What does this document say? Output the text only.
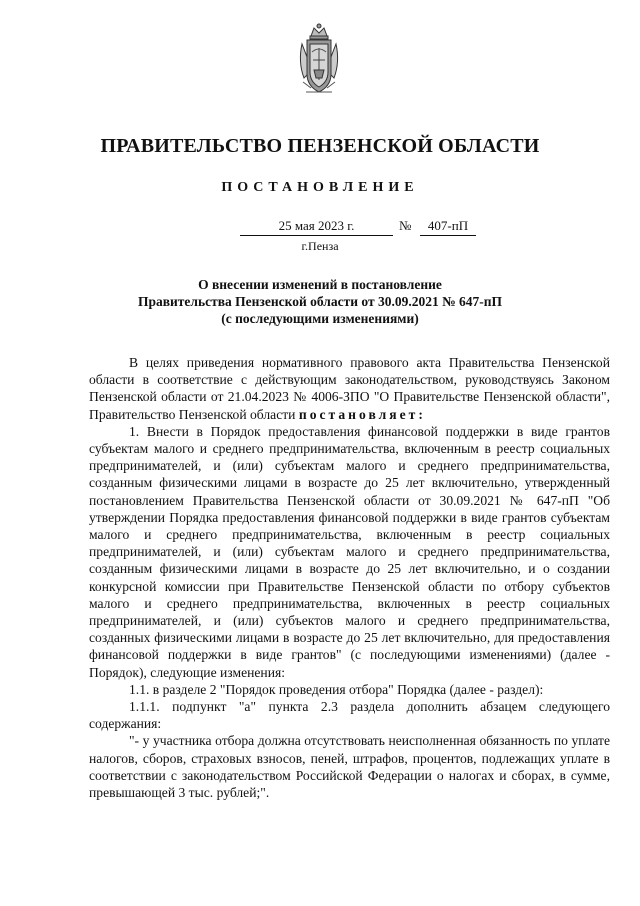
ПРАВИТЕЛЬСТВО ПЕНЗЕНСКОЙ ОБЛАСТИ
ПОСТАНОВЛЕНИЕ
25 мая 2023 г.	№	407-пП
г.Пенза
О внесении изменений в постановление
Правительства Пензенской области от 30.09.2021 № 647-пП
(с последующими изменениями)

В целях приведения нормативного правового акта Правительства Пензенской области в соответствие с действующим законодательством, руководствуясь Законом Пензенской области от 21.04.2023 № 4006-ЗПО "О Правительстве Пензенской области", Правительство Пензенской области постановляет:

1. Внести в Порядок предоставления финансовой поддержки в виде грантов субъектам малого и среднего предпринимательства, включенным в реестр социальных предпринимателей, и (или) субъектам малого и среднего предпринимательства, созданным физическими лицами в возрасте до 25 лет включительно, утвержденный постановлением Правительства Пензенской области от 30.09.2021 № 647-пП "Об утверждении Порядка предоставления финансовой поддержки в виде грантов субъектам малого и среднего предпринимательства, включенным в реестр социальных предпринимателей, и (или) субъектам малого и среднего предпринимательства, созданным физическими лицами в возрасте до 25 лет включительно, и о создании конкурсной комиссии при Правительстве Пензенской области по отбору субъектов малого и среднего предпринимательства, включенных в реестр социальных предпринимателей, и (или) субъектов малого и среднего предпринимательства, созданных физическими лицами в возрасте до 25 лет включительно, для предоставления финансовой поддержки в виде грантов" (с последующими изменениями) (далее - Порядок), следующие изменения:

1.1. в разделе 2 "Порядок проведения отбора" Порядка (далее - раздел):

1.1.1. подпункт "а" пункта 2.3 раздела дополнить абзацем следующего содержания:

"- у участника отбора должна отсутствовать неисполненная обязанность по уплате налогов, сборов, страховых взносов, пеней, штрафов, процентов, подлежащих уплате в соответствии с законодательством Российской Федерации о налогах и сборах, в сумме, превышающей 3 тыс. рублей;".
